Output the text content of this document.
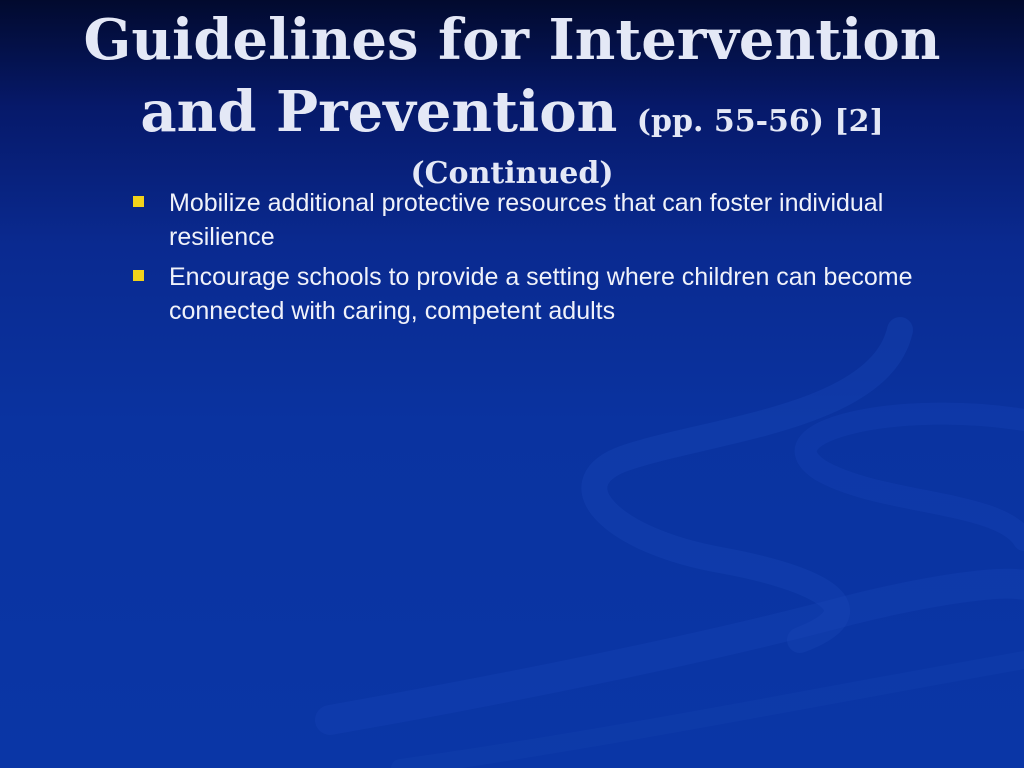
Guidelines for Intervention
and Prevention (pp. 55-56) [2]
(Continued)
Mobilize additional protective resources that can foster individual resilience
Encourage schools to provide a setting where children can become connected with caring, competent adults
